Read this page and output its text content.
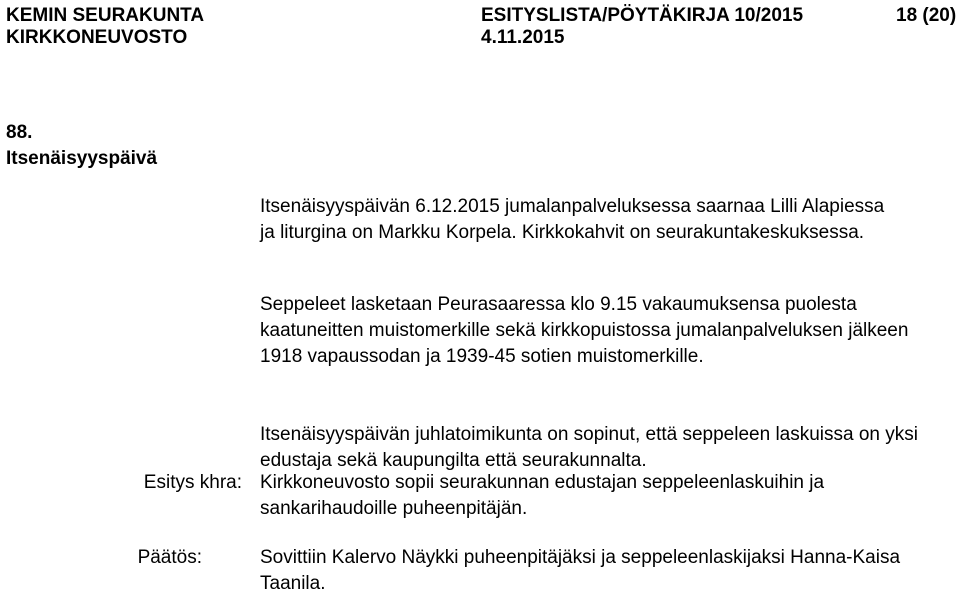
KEMIN SEURAKUNTA
KIRKKONEUVOSTO
ESITYSLISTA/PÖYTÄKIRJA 10/2015
4.11.2015
18 (20)
88.
Itsenäisyyspäivä
Itsenäisyyspäivän 6.12.2015 jumalanpalveluksessa saarnaa Lilli Alapiessa ja liturgina on Markku Korpela. Kirkkokahvit on seurakuntakeskuksessa.
Seppeleet lasketaan Peurasaaressa klo 9.15 vakaumuksensa puolesta kaatuneitten muistomerkille sekä kirkkopuistossa jumalanpalveluksen jälkeen 1918 vapaussodan ja 1939-45 sotien muistomerkille.
Itsenäisyyspäivän juhlatoimikunta on sopinut, että seppeleen laskuissa on yksi edustaja sekä kaupungilta että seurakunnalta.
Esitys khra: Kirkkoneuvosto sopii seurakunnan edustajan seppeleenlaskuihin ja sankarihaudoille puheenpitäjän.
Päätös:	Sovittiin Kalervo Näykki puheenpitäjäksi ja seppeleenlaskijaksi Hanna-Kaisa Taanila.
